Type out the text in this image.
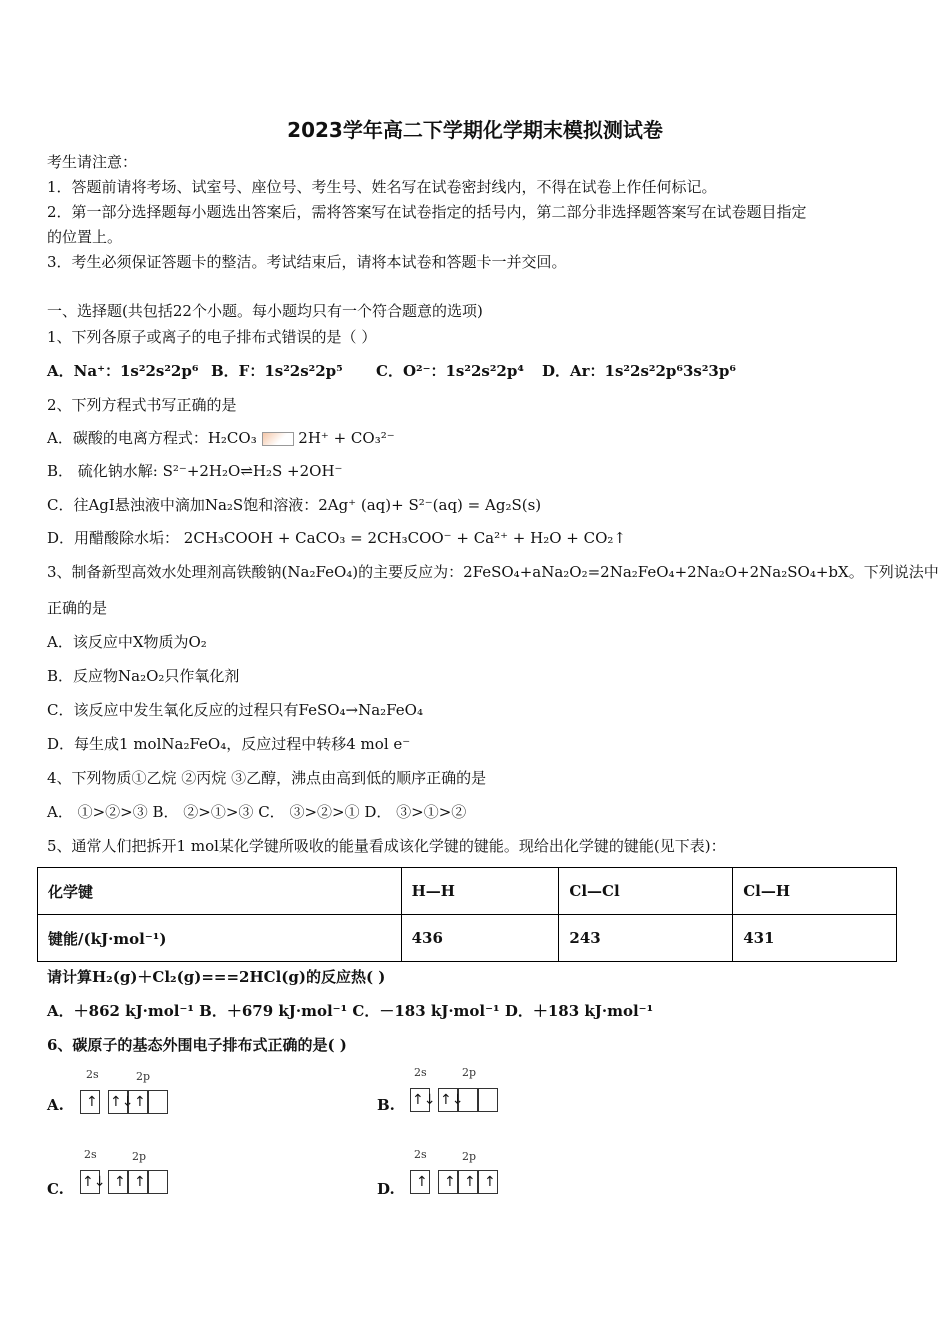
2023学年高二下学期化学期末模拟测试卷
考生请注意：
1．答题前请将考场、试室号、座位号、考生号、姓名写在试卷密封线内，不得在试卷上作任何标记。
2．第一部分选择题每小题选出答案后，需将答案写在试卷指定的括号内，第二部分非选择题答案写在试卷题目指定
的位置上。
3．考生必须保证答题卡的整洁。考试结束后，请将本试卷和答题卡一并交回。
一、选择题(共包括22个小题。每小题均只有一个符合题意的选项)
1、下列各原子或离子的电子排布式错误的是（ ）
A．Na⁺：1s²2s²2p⁶ B．F：1s²2s²2p⁵ C．O²⁻：1s²2s²2p⁴ D．Ar：1s²2s²2p⁶3s²3p⁶
2、下列方程式书写正确的是
A．碳酸的电离方程式：H₂CO₃	2H⁺ + CO₃²⁻
B． 硫化钠水解: S²⁻+2H₂O⇌H₂S +2OH⁻
C．往AgI悬浊液中滴加Na₂S饱和溶液：2Ag⁺ (aq)+ S²⁻(aq) = Ag₂S(s)
D．用醋酸除水垢： 2CH₃COOH + CaCO₃ = 2CH₃COO⁻ + Ca²⁺ + H₂O + CO₂↑
3、制备新型高效水处理剂高铁酸钠(Na₂FeO₄)的主要反应为：2FeSO₄+aNa₂O₂=2Na₂FeO₄+2Na₂O+2Na₂SO₄+bX。下列说法中
正确的是
A．该反应中X物质为O₂
B．反应物Na₂O₂只作氧化剂
C．该反应中发生氧化反应的过程只有FeSO₄→Na₂FeO₄
D．每生成1 molNa₂FeO₄，反应过程中转移4 mol e⁻
4、下列物质①乙烷 ②丙烷 ③乙醇，沸点由高到低的顺序正确的是
A． ①>②>③ B． ②>①>③ C． ③>②>① D． ③>①>②
5、通常人们把拆开1 mol某化学键所吸收的能量看成该化学键的键能。现给出化学键的键能(见下表)：
化学键	H—H	Cl—Cl	Cl—H
键能/(kJ·mol⁻¹)	436	243	431
请计算H₂(g)＋Cl₂(g)===2HCl(g)的反应热( )
A．＋862 kJ·mol⁻¹ B．＋679 kJ·mol⁻¹ C．－183 kJ·mol⁻¹ D．＋183 kJ·mol⁻¹
6、碳原子的基态外围电子排布式正确的是( )
A.
2s	2p
↑ ↑↓ ↑	B.
2s	2p
↑↓ ↑↓
C.
2s	2p
↑↓ ↑ ↑	D.
2s	2p
↑ ↑ ↑ ↑
